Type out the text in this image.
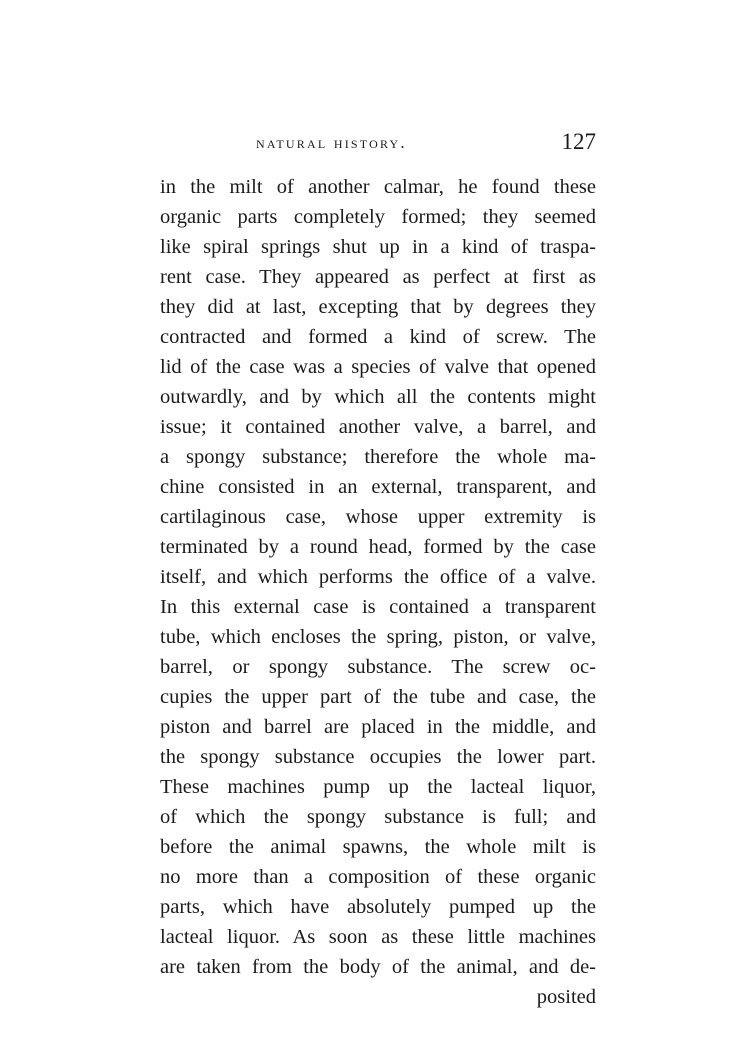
natural history.	127
in the milt of another calmar, he found these
organic parts completely formed; they seemed
like spiral springs shut up in a kind of traspa-
rent case. They appeared as perfect at first as
they did at last, excepting that by degrees they
contracted and formed a kind of screw. The
lid of the case was a species of valve that opened
outwardly, and by which all the contents might
issue; it contained another valve, a barrel, and
a spongy substance; therefore the whole ma-
chine consisted in an external, transparent, and
cartilaginous case, whose upper extremity is
terminated by a round head, formed by the case
itself, and which performs the office of a valve.
In this external case is contained a transparent
tube, which encloses the spring, piston, or valve,
barrel, or spongy substance. The screw oc-
cupies the upper part of the tube and case, the
piston and barrel are placed in the middle, and
the spongy substance occupies the lower part.
These machines pump up the lacteal liquor,
of which the spongy substance is full; and
before the animal spawns, the whole milt is
no more than a composition of these organic
parts, which have absolutely pumped up the
lacteal liquor. As soon as these little machines
are taken from the body of the animal, and de-
posited
